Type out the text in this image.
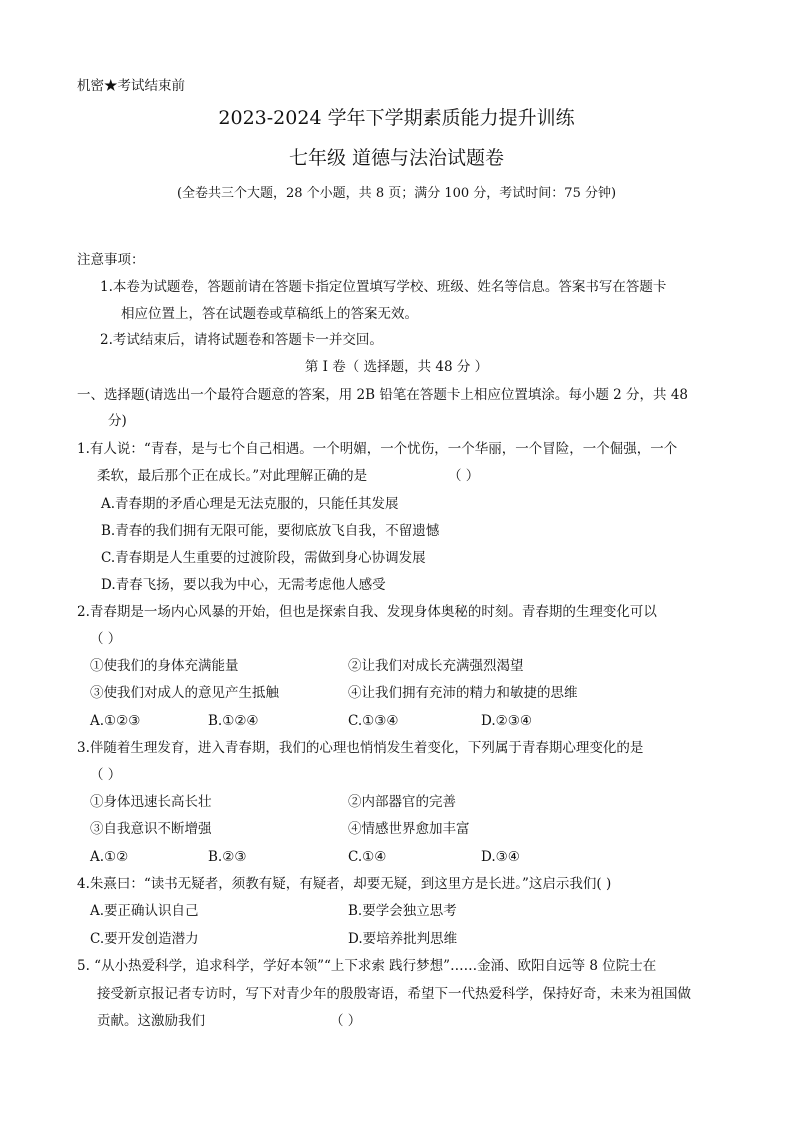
机密★考试结束前
2023-2024 学年下学期素质能力提升训练
七年级 道德与法治试题卷
(全卷共三个大题，28 个小题，共 8 页；满分 100 分，考试时间：75 分钟)
注意事项：
1.本卷为试题卷，答题前请在答题卡指定位置填写学校、班级、姓名等信息。答案书写在答题卡
相应位置上，答在试题卷或草稿纸上的答案无效。
2.考试结束后，请将试题卷和答题卡一并交回。
第 I 卷（ 选择题，共 48 分 ）
一、选择题(请选出一个最符合题意的答案，用 2B 铅笔在答题卡上相应位置填涂。每小题 2 分，共 48
分)
1.有人说：“青春，是与七个自己相遇。一个明媚，一个忧伤，一个华丽，一个冒险，一个倔强，一个
柔软，最后那个正在成长。”对此理解正确的是	（ ）
A.青春期的矛盾心理是无法克服的，只能任其发展
B.青春的我们拥有无限可能，要彻底放飞自我，不留遗憾
C.青春期是人生重要的过渡阶段，需做到身心协调发展
D.青春飞扬，要以我为中心，无需考虑他人感受
2.青春期是一场内心风暴的开始，但也是探索自我、发现身体奥秘的时刻。青春期的生理变化可以
（ ）
①使我们的身体充满能量	②让我们对成长充满强烈渴望
③使我们对成人的意见产生抵触	④让我们拥有充沛的精力和敏捷的思维
A.①②③	B.①②④	C.①③④	D.②③④
3.伴随着生理发育，进入青春期，我们的心理也悄悄发生着变化，下列属于青春期心理变化的是
（ ）
①身体迅速长高长壮	②内部器官的完善
③自我意识不断增强	④情感世界愈加丰富
A.①②	B.②③	C.①④	D.③④
4.朱熹曰：“读书无疑者，须教有疑，有疑者，却要无疑，到这里方是长进。”这启示我们( )
A.要正确认识自己	B.要学会独立思考
C.要开发创造潜力	D.要培养批判思维
5. “从小热爱科学，追求科学，学好本领”“上下求索 践行梦想”……金涌、欧阳自远等 8 位院士在
接受新京报记者专访时，写下对青少年的殷殷寄语，希望下一代热爱科学，保持好奇，未来为祖国做
贡献。这激励我们	（ ）
